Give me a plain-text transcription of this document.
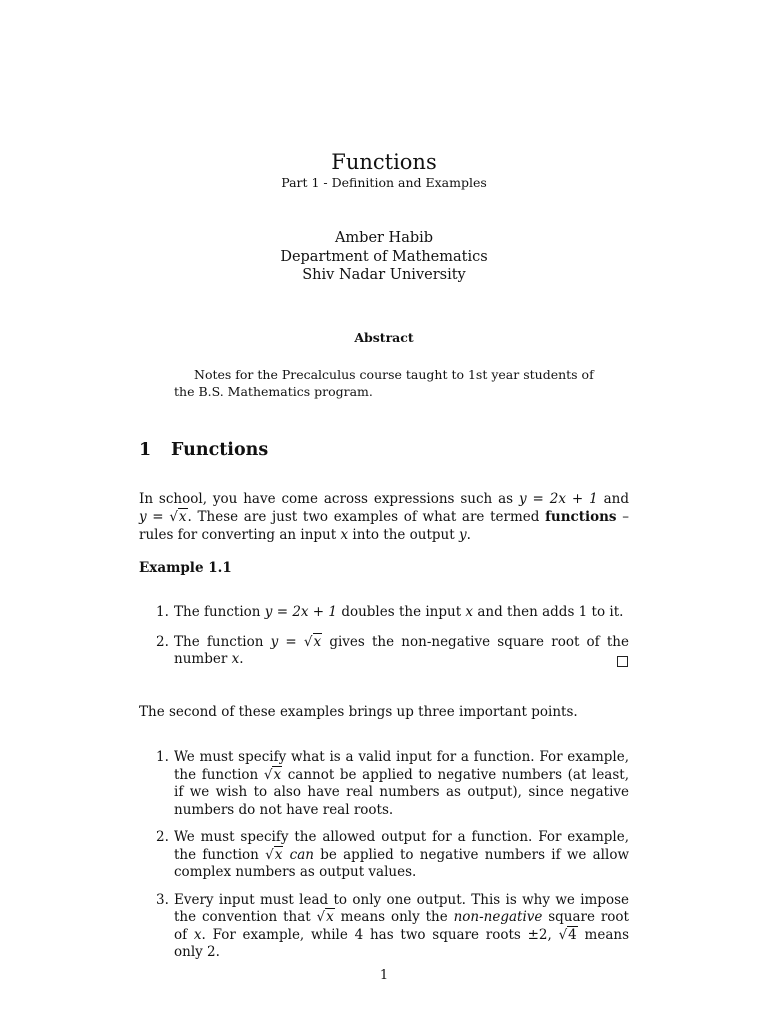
Functions
Part 1 - Definition and Examples
Amber Habib
Department of Mathematics
Shiv Nadar University
Abstract
Notes for the Precalculus course taught to 1st year students of the B.S. Mathematics program.
1 Functions
In school, you have come across expressions such as y = 2x + 1 and y = √x. These are just two examples of what are termed functions – rules for converting an input x into the output y.
Example 1.1
1. The function y = 2x + 1 doubles the input x and then adds 1 to it.
2. The function y = √x gives the non-negative square root of the number x.
The second of these examples brings up three important points.
1. We must specify what is a valid input for a function. For example, the function √x cannot be applied to negative numbers (at least, if we wish to also have real numbers as output), since negative numbers do not have real roots.
2. We must specify the allowed output for a function. For example, the function √x can be applied to negative numbers if we allow complex numbers as output values.
3. Every input must lead to only one output. This is why we impose the convention that √x means only the non-negative square root of x. For example, while 4 has two square roots ±2, √4 means only 2.
1
